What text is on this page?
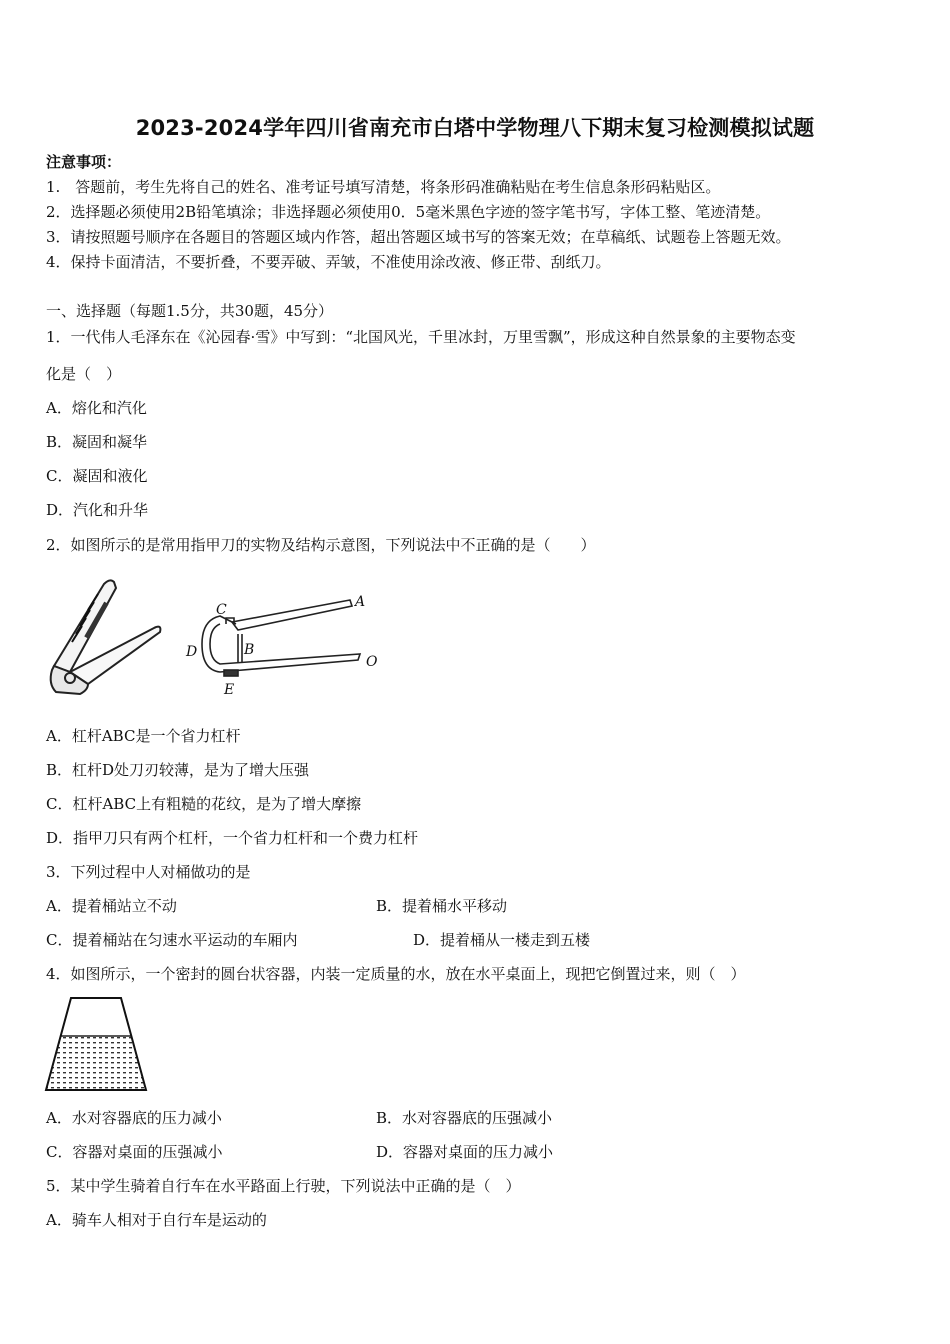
2023-2024学年四川省南充市白塔中学物理八下期末复习检测模拟试题
注意事项：
1.　答题前，考生先将自己的姓名、准考证号填写清楚，将条形码准确粘贴在考生信息条形码粘贴区。
2．选择题必须使用2B铅笔填涂；非选择题必须使用0．5毫米黑色字迹的签字笔书写，字体工整、笔迹清楚。
3．请按照题号顺序在各题目的答题区域内作答，超出答题区域书写的答案无效；在草稿纸、试题卷上答题无效。
4．保持卡面清洁，不要折叠，不要弄破、弄皱，不准使用涂改液、修正带、刮纸刀。
一、选择题（每题1.5分，共30题，45分）
1．一代伟人毛泽东在《沁园春·雪》中写到：“北国风光，千里冰封，万里雪飘”，形成这种自然景象的主要物态变
化是（　）
A．熔化和汽化
B．凝固和凝华
C．凝固和液化
D．汽化和升华
2．如图所示的是常用指甲刀的实物及结构示意图，下列说法中不正确的是（　　）
C	A
D	B
O
E
A．杠杆ABC是一个省力杠杆
B．杠杆D处刀刃较薄，是为了增大压强
C．杠杆ABC上有粗糙的花纹，是为了增大摩擦
D．指甲刀只有两个杠杆，一个省力杠杆和一个费力杠杆
3．下列过程中人对桶做功的是
A．提着桶站立不动	B．提着桶水平移动
C．提着桶站在匀速水平运动的车厢内	D．提着桶从一楼走到五楼
4．如图所示，一个密封的圆台状容器，内装一定质量的水，放在水平桌面上，现把它倒置过来，则（　）
A．水对容器底的压力减小	B．水对容器底的压强减小
C．容器对桌面的压强减小	D．容器对桌面的压力减小
5．某中学生骑着自行车在水平路面上行驶，下列说法中正确的是（　）
A．骑车人相对于自行车是运动的
